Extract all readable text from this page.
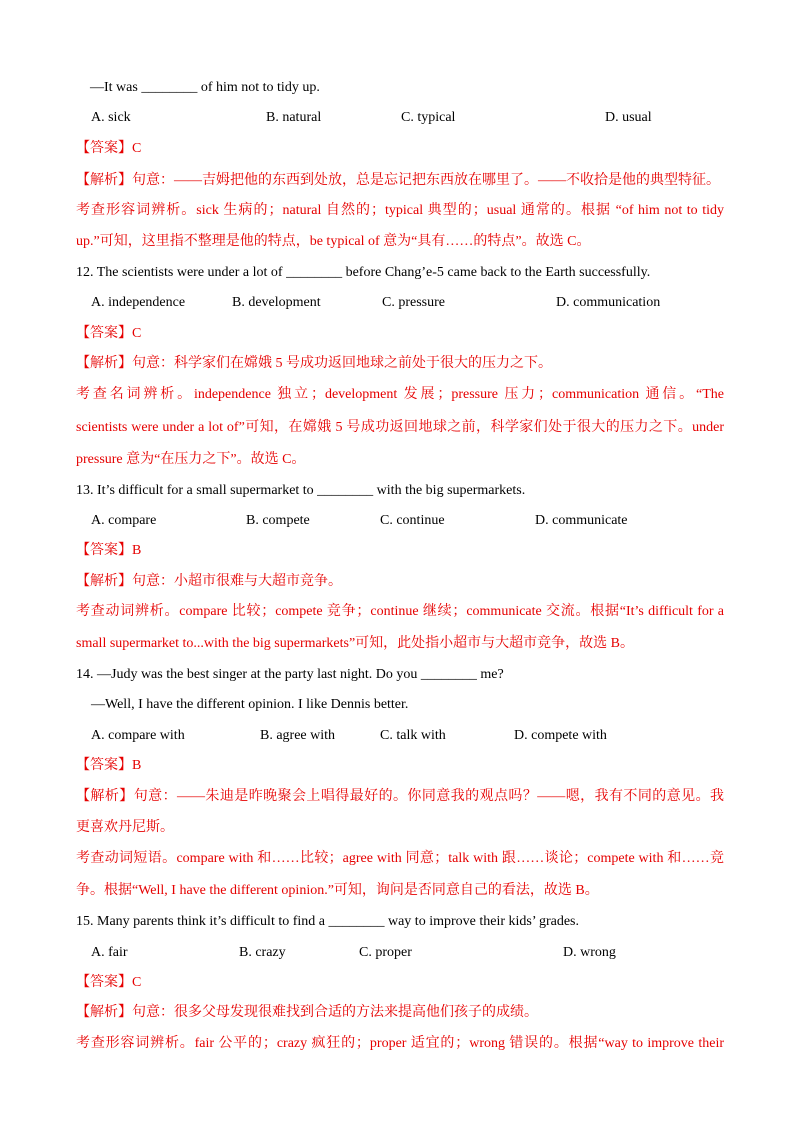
—It was ________ of him not to tidy up.
A. sick	B. natural	C. typical	D. usual
【答案】C
【解析】句意：——吉姆把他的东西到处放，总是忘记把东西放在哪里了。——不收拾是他的典型特征。
考查形容词辨析。sick 生病的；natural 自然的；typical 典型的；usual 通常的。根据 “of him not to tidy
up.”可知，这里指不整理是他的特点，be typical of 意为“具有……的特点”。故选 C。
12. The scientists were under a lot of ________ before Chang’e-5 came back to the Earth successfully.
A. independence	B. development	C. pressure	D. communication
【答案】C
【解析】句意：科学家们在嫦娥 5 号成功返回地球之前处于很大的压力之下。
考查名词辨析。independence 独立；development 发展；pressure 压力；communication 通信。“The
scientists were under a lot of”可知，在嫦娥 5 号成功返回地球之前，科学家们处于很大的压力之下。under
pressure 意为“在压力之下”。故选 C。
13. It’s difficult for a small supermarket to ________ with the big supermarkets.
A. compare	B. compete	C. continue	D. communicate
【答案】B
【解析】句意：小超市很难与大超市竞争。
考查动词辨析。compare 比较；compete 竞争；continue 继续；communicate 交流。根据“It’s difficult for a
small supermarket to...with the big supermarkets”可知，此处指小超市与大超市竞争，故选 B。
14. —Judy was the best singer at the party last night. Do you ________ me?
—Well, I have the different opinion. I like Dennis better.
A. compare with	B. agree with	C. talk with	D. compete with
【答案】B
【解析】句意：——朱迪是昨晚聚会上唱得最好的。你同意我的观点吗？——嗯，我有不同的意见。我
更喜欢丹尼斯。
考查动词短语。compare with 和……比较；agree with 同意；talk with 跟……谈论；compete with 和……竞
争。根据“Well, I have the different opinion.”可知，询问是否同意自己的看法，故选 B。
15. Many parents think it’s difficult to find a ________ way to improve their kids’ grades.
A. fair	B. crazy	C. proper	D. wrong
【答案】C
【解析】句意：很多父母发现很难找到合适的方法来提高他们孩子的成绩。
考查形容词辨析。fair 公平的；crazy 疯狂的；proper 适宜的；wrong 错误的。根据“way to improve their
